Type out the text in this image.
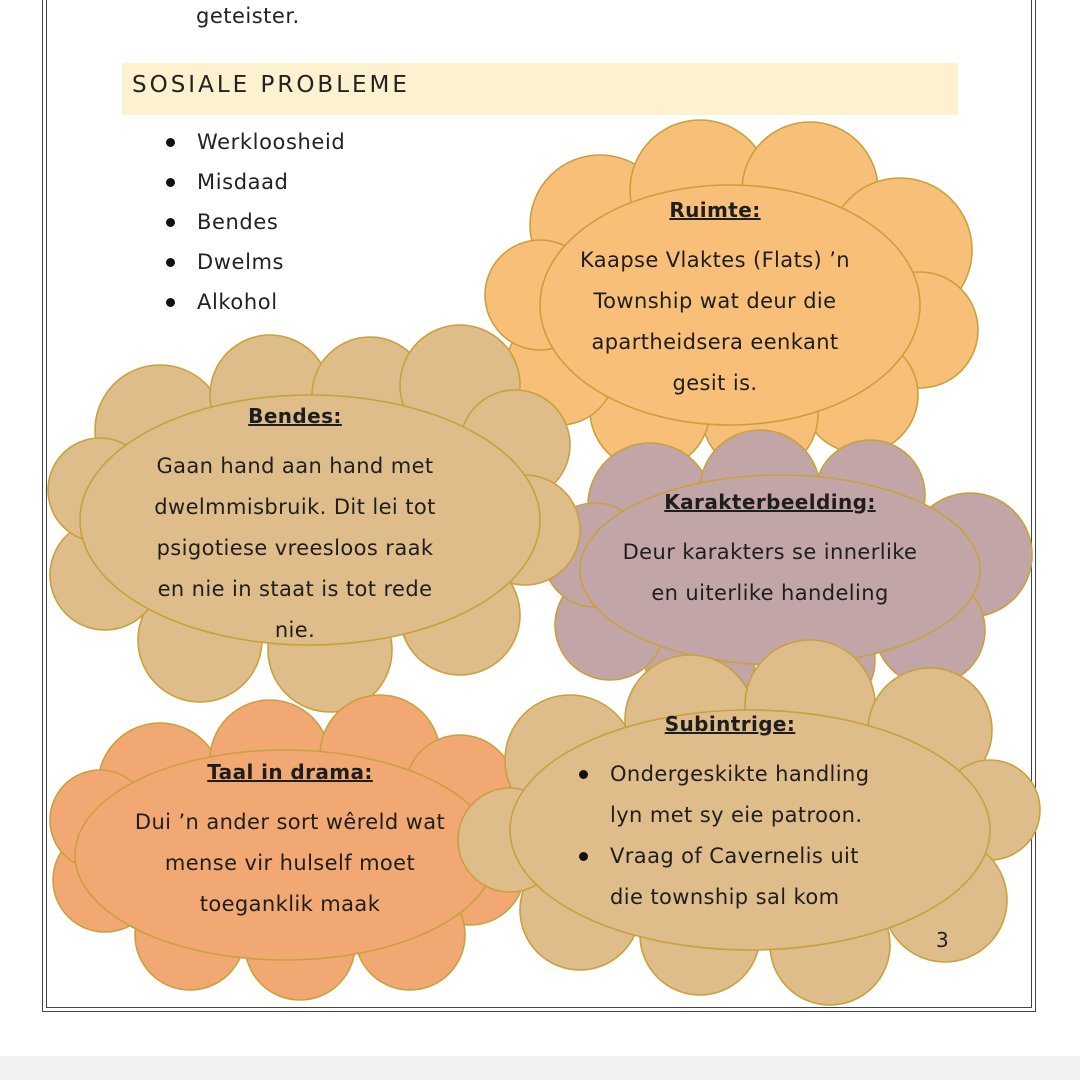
geteister.
SOSIALE PROBLEME
Werkloosheid
Misdaad
Bendes
Dwelms
Alkohol
Ruimte:
Kaapse Vlaktes (Flats) ’n Township wat deur die apartheidsera eenkant gesit is.
Bendes:
Gaan hand aan hand met dwelmmisbruik. Dit lei tot psigotiese vreesloos raak en nie in staat is tot rede nie.
Karakterbeelding:
Deur karakters se innerlike en uiterlike handeling
Taal in drama:
Dui ’n ander sort wêreld wat mense vir hulself moet toeganklik maak
Subintrige:
Ondergeskikte handling lyn met sy eie patroon.
Vraag of Cavernelis uit die township sal kom
3
